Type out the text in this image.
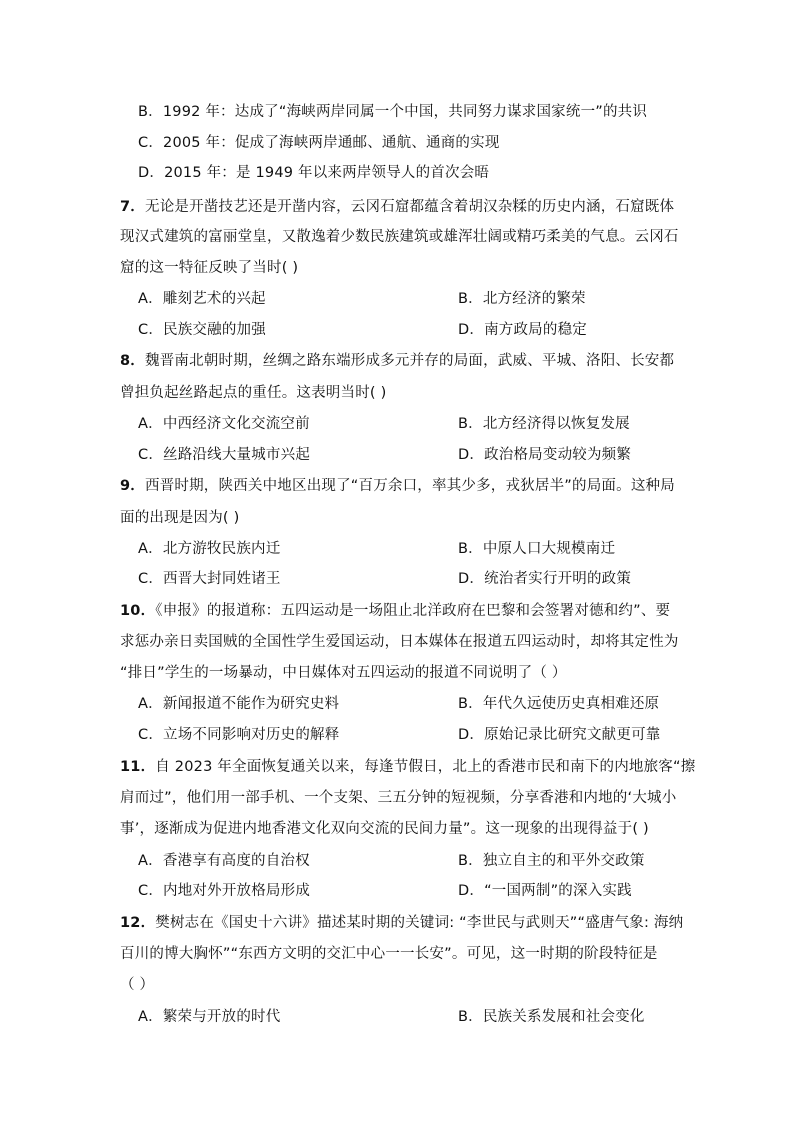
B．1992 年：达成了“海峡两岸同属一个中国，共同努力谋求国家统一”的共识
C．2005 年：促成了海峡两岸通邮、通航、通商的实现
D．2015 年：是 1949 年以来两岸领导人的首次会晤
7．无论是开凿技艺还是开凿内容，云冈石窟都蕴含着胡汉杂糅的历史内涵，石窟既体
现汉式建筑的富丽堂皇，又散逸着少数民族建筑或雄浑壮阔或精巧柔美的气息。云冈石
窟的这一特征反映了当时( )
A．雕刻艺术的兴起	B．北方经济的繁荣
C．民族交融的加强	D．南方政局的稳定
8．魏晋南北朝时期，丝绸之路东端形成多元并存的局面，武威、平城、洛阳、长安都
曾担负起丝路起点的重任。这表明当时( )
A．中西经济文化交流空前	B．北方经济得以恢复发展
C．丝路沿线大量城市兴起	D．政治格局变动较为频繁
9．西晋时期，陕西关中地区出现了“百万余口，率其少多，戎狄居半”的局面。这种局
面的出现是因为( )
A．北方游牧民族内迁	B．中原人口大规模南迁
C．西晋大封同姓诸王	D．统治者实行开明的政策
10．《申报》的报道称：五四运动是一场阻止北洋政府在巴黎和会签署对德和约”、要
求惩办亲日卖国贼的全国性学生爱国运动，日本媒体在报道五四运动时，却将其定性为
“排日”学生的一场暴动，中日媒体对五四运动的报道不同说明了（ ）
A．新闻报道不能作为研究史料	B．年代久远使历史真相难还原
C．立场不同影响对历史的解释	D．原始记录比研究文献更可靠
11．自 2023 年全面恢复通关以来，每逢节假日，北上的香港市民和南下的内地旅客“擦
肩而过”，他们用一部手机、一个支架、三五分钟的短视频，分享香港和内地的‘大城小
事’，逐渐成为促进内地香港文化双向交流的民间力量”。这一现象的出现得益于( )
A．香港享有高度的自治权	B．独立自主的和平外交政策
C．内地对外开放格局形成	D．“一国两制”的深入实践
12．樊树志在《国史十六讲》描述某时期的关键词: “李世民与武则天”“盛唐气象: 海纳
百川的博大胸怀”“东西方文明的交汇中心一一长安”。可见，这一时期的阶段特征是
（ ）
A．繁荣与开放的时代	B．民族关系发展和社会变化
